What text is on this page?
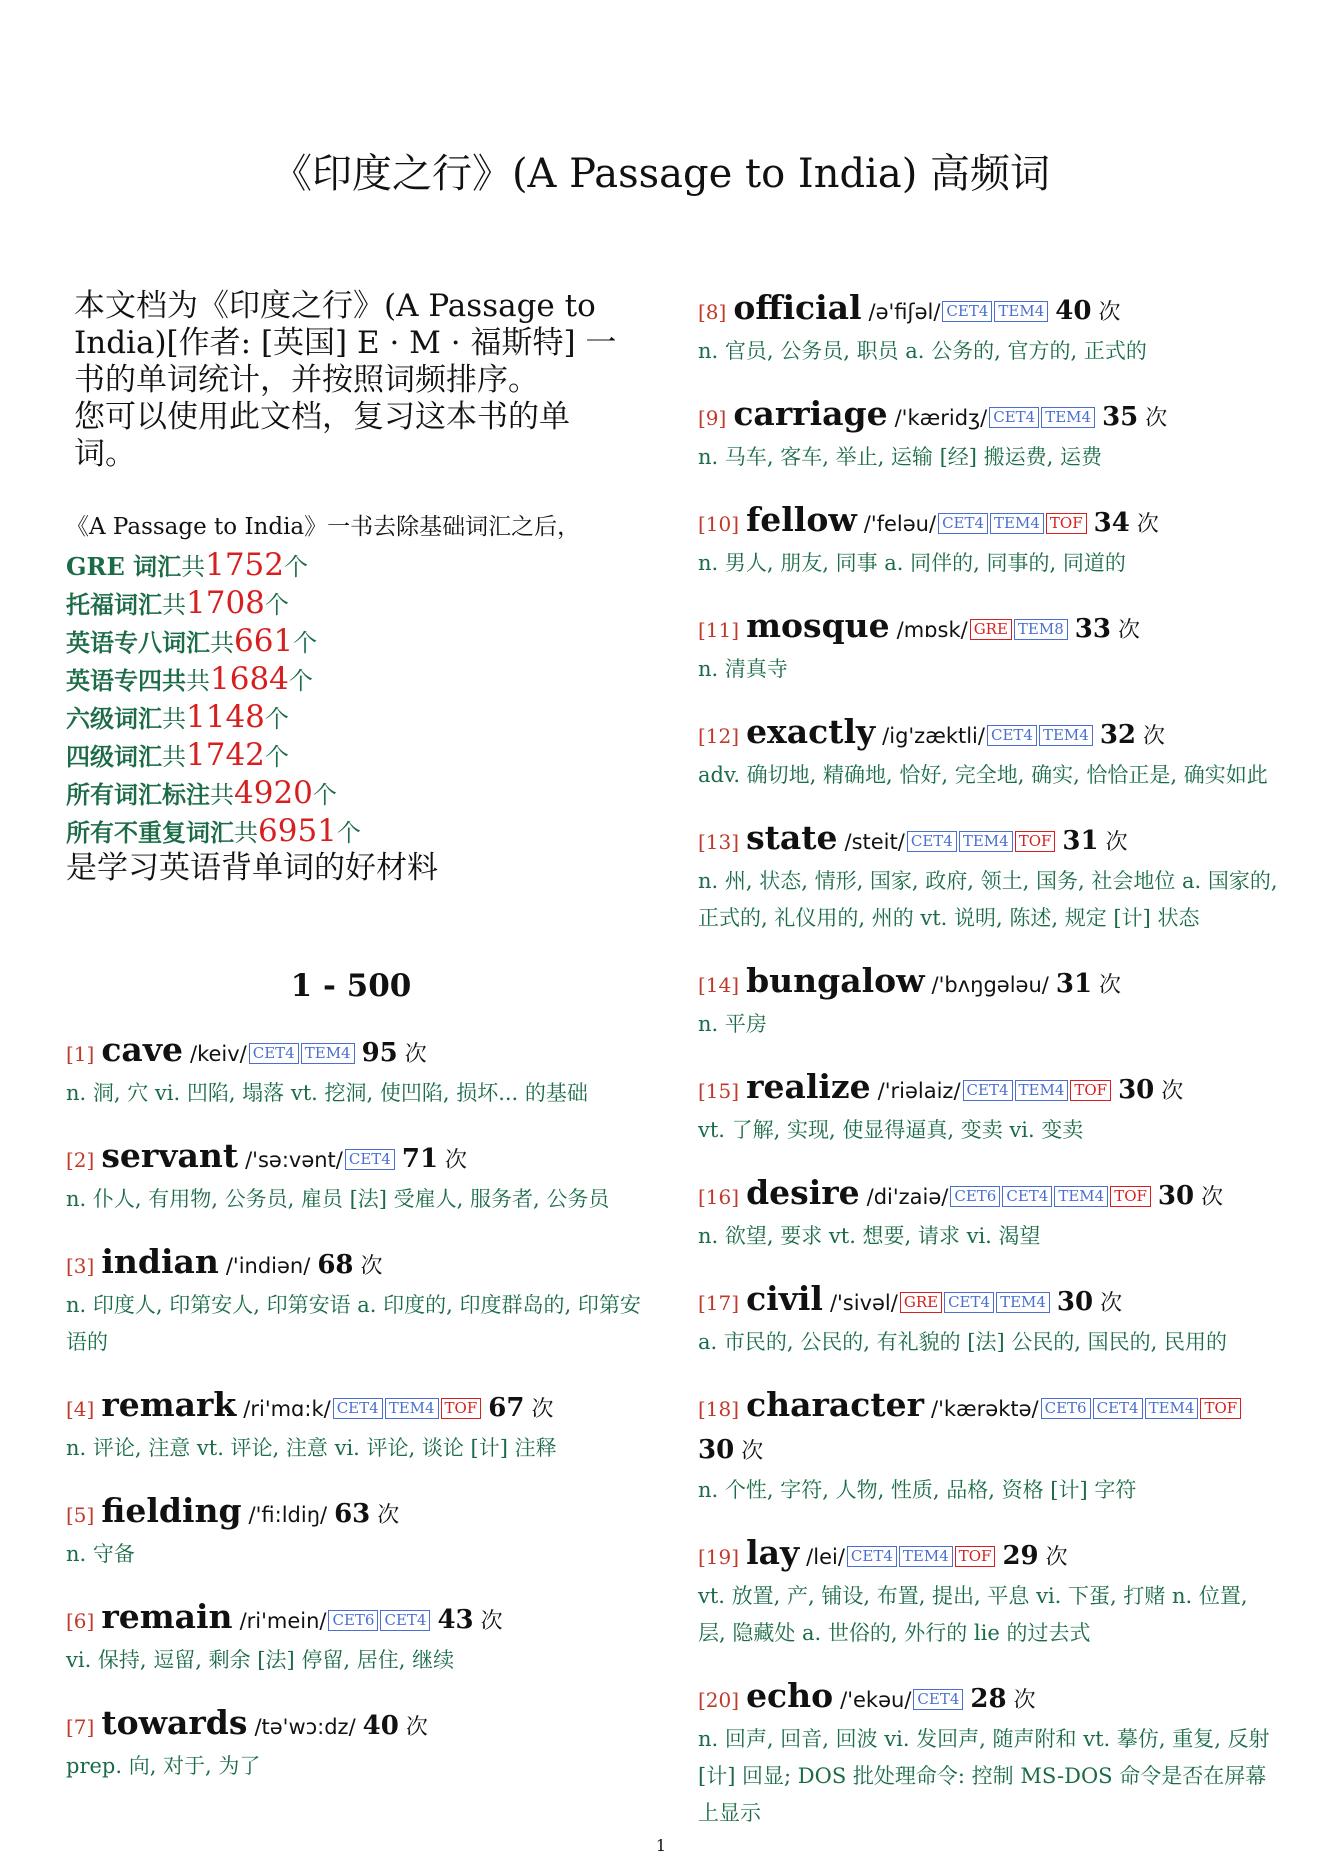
《印度之行》(A Passage to India) 高频词

本文档为《印度之行》(A Passage to
India)[作者: [英国] E · M · 福斯特] 一
书的单词统计，并按照词频排序。
您可以使用此文档，复习这本书的单
词。

《A Passage to India》一书去除基础词汇之后，
GRE 词汇共1752个
托福词汇共1708个
英语专八词汇共661个
英语专四共共1684个
六级词汇共1148个
四级词汇共1742个
所有词汇标注共4920个
所有不重复词汇共6951个
是学习英语背单词的好材料
1 - 500
[1] cave /keiv/ CET4 TEM4 95 次
n. 洞, 穴 vi. 凹陷, 塌落 vt. 挖洞, 使凹陷, 损坏... 的基础
[2] servant /'sə:vənt/ CET4 71 次
n. 仆人, 有用物, 公务员, 雇员 [法] 受雇人, 服务者, 公务员
[3] indian /'indiən/ 68 次
n. 印度人, 印第安人, 印第安语 a. 印度的, 印度群岛的, 印第安语的
[4] remark /ri'mɑ:k/ CET4 TEM4 TOF 67 次
n. 评论, 注意 vt. 评论, 注意 vi. 评论, 谈论 [计] 注释
[5] fielding /'fi:ldiŋ/ 63 次
n. 守备
[6] remain /ri'mein/ CET6 CET4 43 次
vi. 保持, 逗留, 剩余 [法] 停留, 居住, 继续
[7] towards /tə'wɔ:dz/ 40 次
prep. 向, 对于, 为了
[8] official /ə'fiʃəl/ CET4 TEM4 40 次
n. 官员, 公务员, 职员 a. 公务的, 官方的, 正式的
[9] carriage /'kæridʒ/ CET4 TEM4 35 次
n. 马车, 客车, 举止, 运输 [经] 搬运费, 运费
[10] fellow /'feləu/ CET4 TEM4 TOF 34 次
n. 男人, 朋友, 同事 a. 同伴的, 同事的, 同道的
[11] mosque /mɒsk/ GRE TEM8 33 次
n. 清真寺
[12] exactly /ig'zæktli/ CET4 TEM4 32 次
adv. 确切地, 精确地, 恰好, 完全地, 确实, 恰恰正是, 确实如此
[13] state /steit/ CET4 TEM4 TOF 31 次
n. 州, 状态, 情形, 国家, 政府, 领土, 国务, 社会地位 a. 国家的, 正式的, 礼仪用的, 州的 vt. 说明, 陈述, 规定 [计] 状态
[14] bungalow /'bʌŋgələu/ 31 次
n. 平房
[15] realize /'riəlaiz/ CET4 TEM4 TOF 30 次
vt. 了解, 实现, 使显得逼真, 变卖 vi. 变卖
[16] desire /di'zaiə/ CET6 CET4 TEM4 TOF 30 次
n. 欲望, 要求 vt. 想要, 请求 vi. 渴望
[17] civil /'sivəl/ GRE CET4 TEM4 30 次
a. 市民的, 公民的, 有礼貌的 [法] 公民的, 国民的, 民用的
[18] character /'kærəktə/ CET6 CET4 TEM4 TOF 30 次
n. 个性, 字符, 人物, 性质, 品格, 资格 [计] 字符
[19] lay /lei/ CET4 TEM4 TOF 29 次
vt. 放置, 产, 铺设, 布置, 提出, 平息 vi. 下蛋, 打赌 n. 位置, 层, 隐藏处 a. 世俗的, 外行的 lie 的过去式
[20] echo /'ekəu/ CET4 28 次
n. 回声, 回音, 回波 vi. 发回声, 随声附和 vt. 摹仿, 重复, 反射 [计] 回显; DOS 批处理命令: 控制 MS-DOS 命令是否在屏幕上显示
1
